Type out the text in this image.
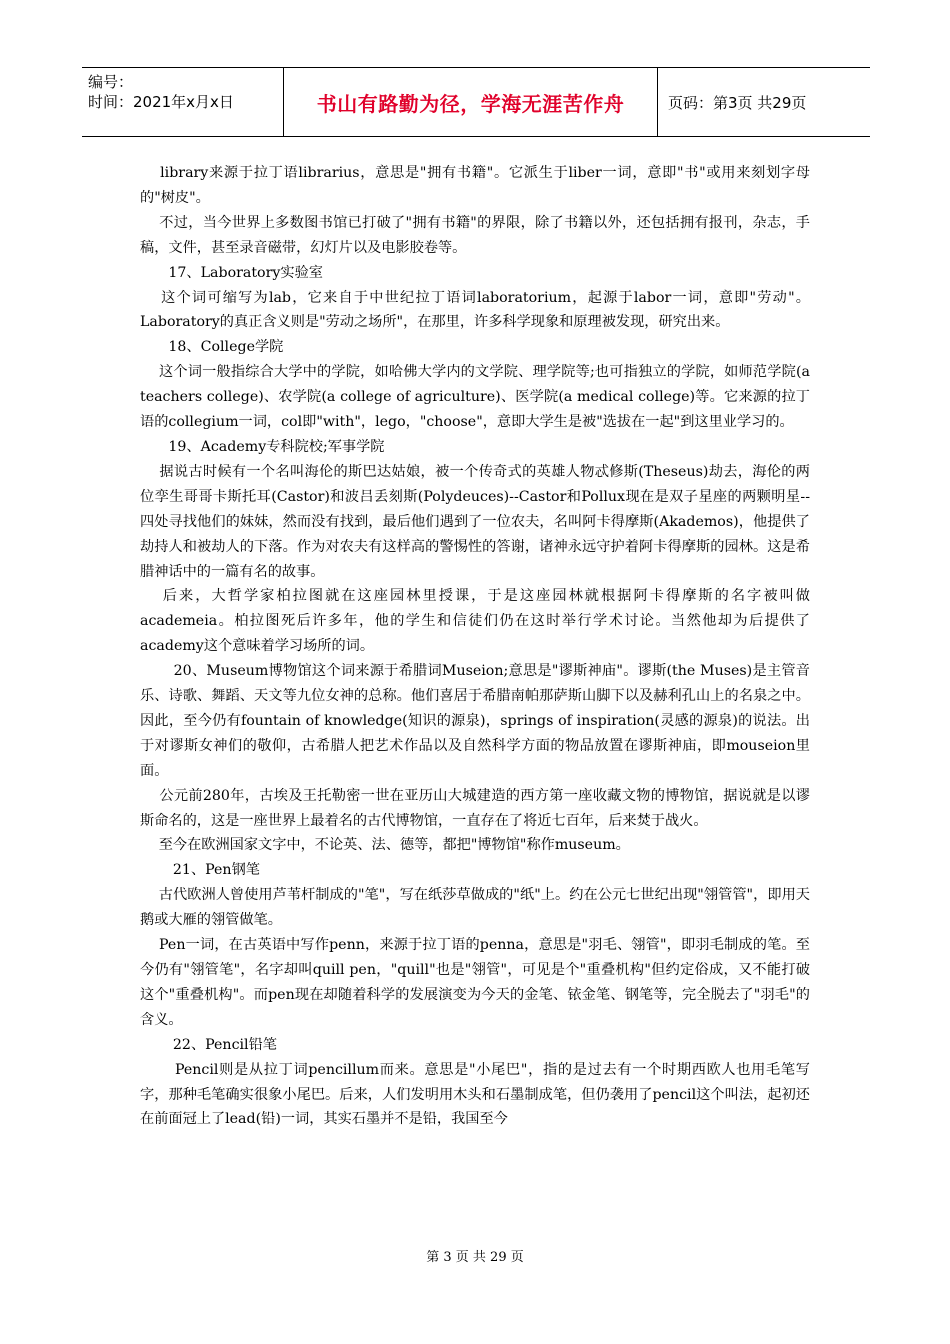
编号：
时间：2021年x月x日	书山有路勤为径，学海无涯苦作舟	页码：第3页 共29页

　 library来源于拉丁语librarius，意思是"拥有书籍"。它派生于liber一词，意即"书"或用来刻划字母的"树皮"。

　 不过，当今世界上多数图书馆已打破了"拥有书籍"的界限，除了书籍以外，还包括拥有报刊，杂志，手稿，文件，甚至录音磁带，幻灯片以及电影胶卷等。

　　17、Laboratory实验室

　 这个词可缩写为lab，它来自于中世纪拉丁语词laboratorium，起源于labor一词，意即"劳动"。Laboratory的真正含义则是"劳动之场所"，在那里，许多科学现象和原理被发现，研究出来。

　　18、College学院

　 这个词一般指综合大学中的学院，如哈佛大学内的文学院、理学院等;也可指独立的学院，如师范学院(a teachers college)、农学院(a college of agriculture)、医学院(a medical college)等。它来源的拉丁语的collegium一词，col即"with"，lego，"choose"，意即大学生是被"选拔在一起"到这里业学习的。

　　19、Academy专科院校;军事学院

　 据说古时候有一个名叫海伦的斯巴达姑娘，被一个传奇式的英雄人物忒修斯(Theseus)劫去，海伦的两位孪生哥哥卡斯托耳(Castor)和波吕丢刻斯(Polydeuces)--Castor和Pollux现在是双子星座的两颗明星--四处寻找他们的妹妹，然而没有找到，最后他们遇到了一位农夫，名叫阿卡得摩斯(Akademos)，他提供了劫持人和被劫人的下落。作为对农夫有这样高的警惕性的答谢，诸神永远守护着阿卡得摩斯的园林。这是希腊神话中的一篇有名的故事。

　 后来，大哲学家柏拉图就在这座园林里授课，于是这座园林就根据阿卡得摩斯的名字被叫做academeia。柏拉图死后许多年，他的学生和信徒们仍在这时举行学术讨论。当然他却为后提供了academy这个意味着学习场所的词。

　　 20、Museum博物馆这个词来源于希腊词Museion;意思是"谬斯神庙"。谬斯(the Muses)是主管音乐、诗歌、舞蹈、天文等九位女神的总称。他们喜居于希腊南帕那萨斯山脚下以及赫利孔山上的名泉之中。因此，至今仍有fountain of knowledge(知识的源泉)，springs of inspiration(灵感的源泉)的说法。出于对谬斯女神们的敬仰，古希腊人把艺术作品以及自然科学方面的物品放置在谬斯神庙，即mouseion里面。

　 公元前280年，古埃及王托勒密一世在亚历山大城建造的西方第一座收藏文物的博物馆，据说就是以谬斯命名的，这是一座世界上最着名的古代博物馆，一直存在了将近七百年，后来焚于战火。

　 至今在欧洲国家文字中，不论英、法、德等，都把"博物馆"称作museum。

　　 21、Pen钢笔

　 古代欧洲人曾使用芦苇杆制成的"笔"，写在纸莎草做成的"纸"上。约在公元七世纪出现"翎管管"，即用天鹅或大雁的翎管做笔。

　 Pen一词，在古英语中写作penn，来源于拉丁语的penna，意思是"羽毛、翎管"，即羽毛制成的笔。至今仍有"翎管笔"，名字却叫quill pen，"quill"也是"翎管"，可见是个"重叠机构"但约定俗成，又不能打破这个"重叠机构"。而pen现在却随着科学的发展演变为今天的金笔、铱金笔、钢笔等，完全脱去了"羽毛"的含义。

　　 22、Pencil铅笔

　　 Pencil则是从拉丁词pencillum而来。意思是"小尾巴"，指的是过去有一个时期西欧人也用毛笔写字，那种毛笔确实很象小尾巴。后来，人们发明用木头和石墨制成笔，但仍袭用了pencil这个叫法，起初还在前面冠上了lead(铅)一词，其实石墨并不是铅，我国至今

第 3 页 共 29 页
